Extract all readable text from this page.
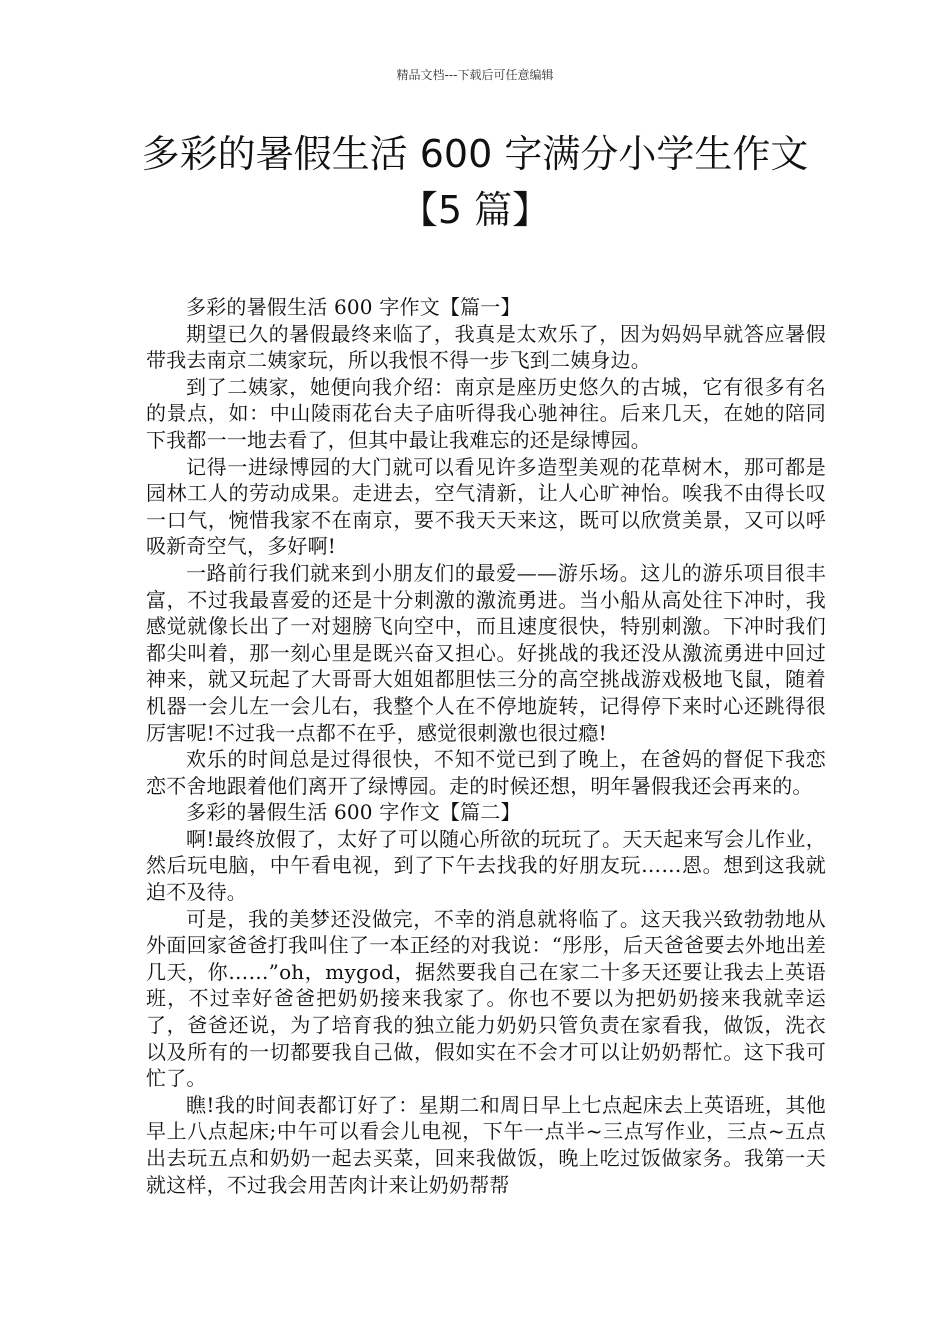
精品文档---下载后可任意编辑
多彩的暑假生活 600 字满分小学生作文
【5 篇】

多彩的暑假生活 600 字作文【篇一】

期望已久的暑假最终来临了，我真是太欢乐了，因为妈妈早就答应暑假带我去南京二姨家玩，所以我恨不得一步飞到二姨身边。

到了二姨家，她便向我介绍：南京是座历史悠久的古城，它有很多有名的景点，如：中山陵雨花台夫子庙听得我心驰神往。后来几天，在她的陪同下我都一一地去看了，但其中最让我难忘的还是绿博园。

记得一进绿博园的大门就可以看见许多造型美观的花草树木，那可都是园林工人的劳动成果。走进去，空气清新，让人心旷神怡。唉我不由得长叹一口气，惋惜我家不在南京，要不我天天来这，既可以欣赏美景，又可以呼吸新奇空气，多好啊!

一路前行我们就来到小朋友们的最爱——游乐场。这儿的游乐项目很丰富，不过我最喜爱的还是十分刺激的激流勇进。当小船从高处往下冲时，我感觉就像长出了一对翅膀飞向空中，而且速度很快，特别刺激。下冲时我们都尖叫着，那一刻心里是既兴奋又担心。好挑战的我还没从激流勇进中回过神来，就又玩起了大哥哥大姐姐都胆怯三分的高空挑战游戏极地飞鼠，随着机器一会儿左一会儿右，我整个人在不停地旋转，记得停下来时心还跳得很厉害呢!不过我一点都不在乎，感觉很刺激也很过瘾!

欢乐的时间总是过得很快，不知不觉已到了晚上，在爸妈的督促下我恋恋不舍地跟着他们离开了绿博园。走的时候还想，明年暑假我还会再来的。

多彩的暑假生活 600 字作文【篇二】

啊!最终放假了，太好了可以随心所欲的玩玩了。天天起来写会儿作业，然后玩电脑，中午看电视，到了下午去找我的好朋友玩……恩。想到这我就迫不及待。

可是，我的美梦还没做完，不幸的消息就将临了。这天我兴致勃勃地从外面回家爸爸打我叫住了一本正经的对我说：“彤彤，后天爸爸要去外地出差几天，你……”oh，mygod，据然要我自己在家二十多天还要让我去上英语班，不过幸好爸爸把奶奶接来我家了。你也不要以为把奶奶接来我就幸运了，爸爸还说，为了培育我的独立能力奶奶只管负责在家看我，做饭，洗衣以及所有的一切都要我自己做，假如实在不会才可以让奶奶帮忙。这下我可忙了。

瞧!我的时间表都订好了：星期二和周日早上七点起床去上英语班，其他早上八点起床;中午可以看会儿电视，下午一点半~三点写作业，三点~五点出去玩五点和奶奶一起去买菜，回来我做饭，晚上吃过饭做家务。我第一天就这样，不过我会用苦肉计来让奶奶帮帮
